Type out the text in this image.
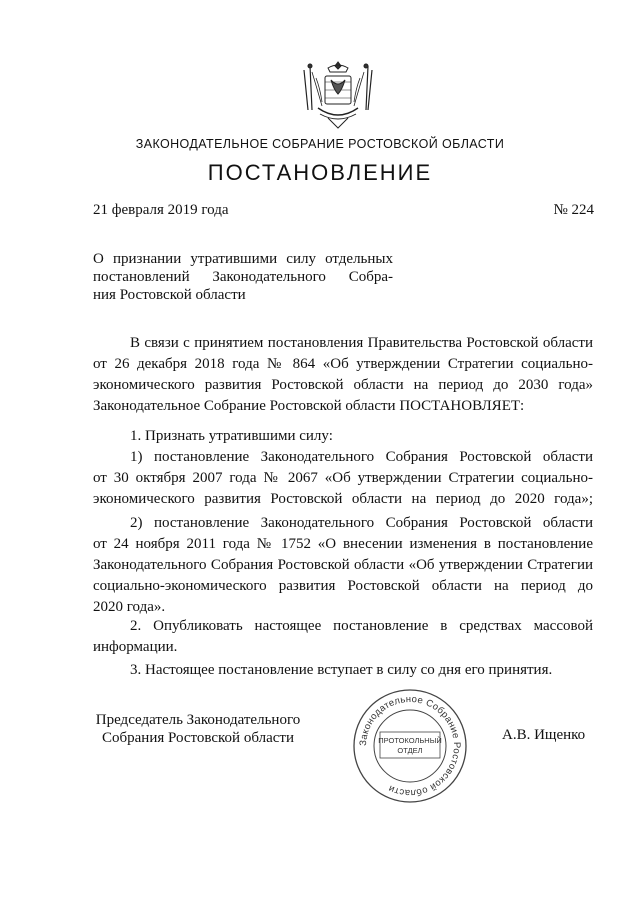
ЗАКОНОДАТЕЛЬНОЕ СОБРАНИЕ РОСТОВСКОЙ ОБЛАСТИ
ПОСТАНОВЛЕНИЕ
21 февраля 2019 года	№ 224
О признании утратившими силу отдельных
постановлений Законодательного Собра-
ния Ростовской области
В связи с принятием постановления Правительства Ростовской области
от 26 декабря 2018 года № 864 «Об утверждении Стратегии социально-
экономического развития Ростовской области на период до 2030 года»
Законодательное Собрание Ростовской области ПОСТАНОВЛЯЕТ:
1. Признать утратившими силу:
1) постановление Законодательного Собрания Ростовской области
от 30 октября 2007 года № 2067 «Об утверждении Стратегии социально-
экономического развития Ростовской области на период до 2020 года»;
2) постановление Законодательного Собрания Ростовской области
от 24 ноября 2011 года № 1752 «О внесении изменения в постановление
Законодательного Собрания Ростовской области «Об утверждении Стратегии
социально-экономического развития Ростовской области на период до
2020 года».
2. Опубликовать настоящее постановление в средствах массовой
информации.
3. Настоящее постановление вступает в силу со дня его принятия.
Председатель Законодательного
Собрания Ростовской области	Законодательное Собрание Ростовской области
ПРОТОКОЛЬНЫЙ
ОТДЕЛ
А.В. Ищенко
